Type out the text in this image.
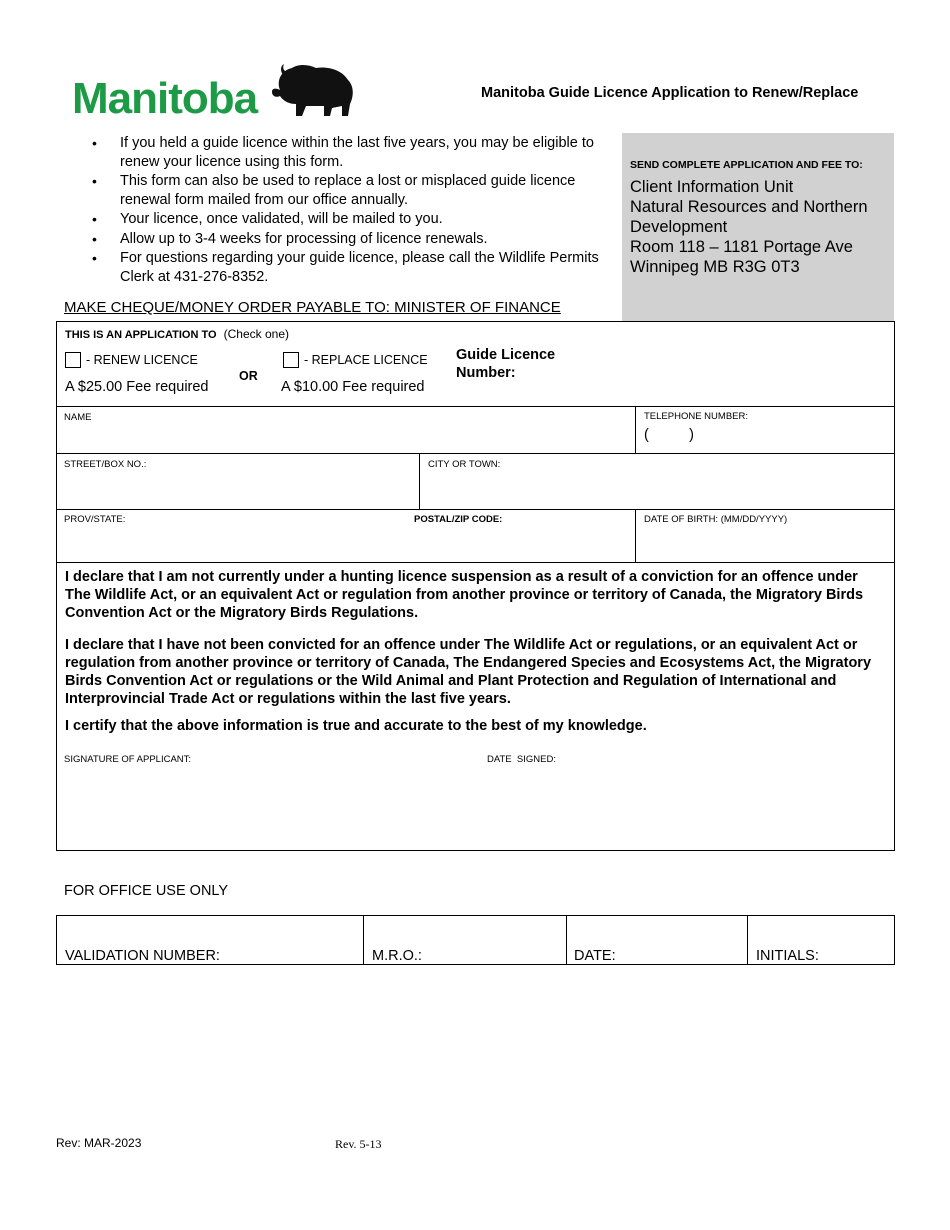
Manitoba	Manitoba Guide Licence Application to Renew/Replace
• If you held a guide licence within the last five years, you may be eligible to renew your licence using this form.
• This form can also be used to replace a lost or misplaced guide licence renewal form mailed from our office annually.
• Your licence, once validated, will be mailed to you.
• Allow up to 3-4 weeks for processing of licence renewals.
• For questions regarding your guide licence, please call the Wildlife Permits Clerk at 431-276-8352.
SEND COMPLETE APPLICATION AND FEE TO:
Client Information Unit
Natural Resources and Northern Development
Room 118 – 1181 Portage Ave
Winnipeg MB R3G 0T3
MAKE CHEQUE/MONEY ORDER PAYABLE TO: MINISTER OF FINANCE
THIS IS AN APPLICATION TO (Check one)
- RENEW LICENCE
A $25.00 Fee required
OR
- REPLACE LICENCE
A $10.00 Fee required
Guide Licence Number:
NAME	TELEPHONE NUMBER:
(          )
STREET/BOX NO.:	CITY OR TOWN:
PROV/STATE:	POSTAL/ZIP CODE:	DATE OF BIRTH: (MM/DD/YYYY)
I declare that I am not currently under a hunting licence suspension as a result of a conviction for an offence under The Wildlife Act, or an equivalent Act or regulation from another province or territory of Canada, the Migratory Birds Convention Act or the Migratory Birds Regulations.
I declare that I have not been convicted for an offence under The Wildlife Act or regulations, or an equivalent Act or regulation from another province or territory of Canada, The Endangered Species and Ecosystems Act, the Migratory Birds Convention Act or regulations or the Wild Animal and Plant Protection and Regulation of International and Interprovincial Trade Act or regulations within the last five years.
I certify that the above information is true and accurate to the best of my knowledge.
SIGNATURE OF APPLICANT:	DATE  SIGNED:
FOR OFFICE USE ONLY
VALIDATION NUMBER:	M.R.O.:	DATE:	INITIALS:
Rev: MAR-2023	Rev. 5-13
